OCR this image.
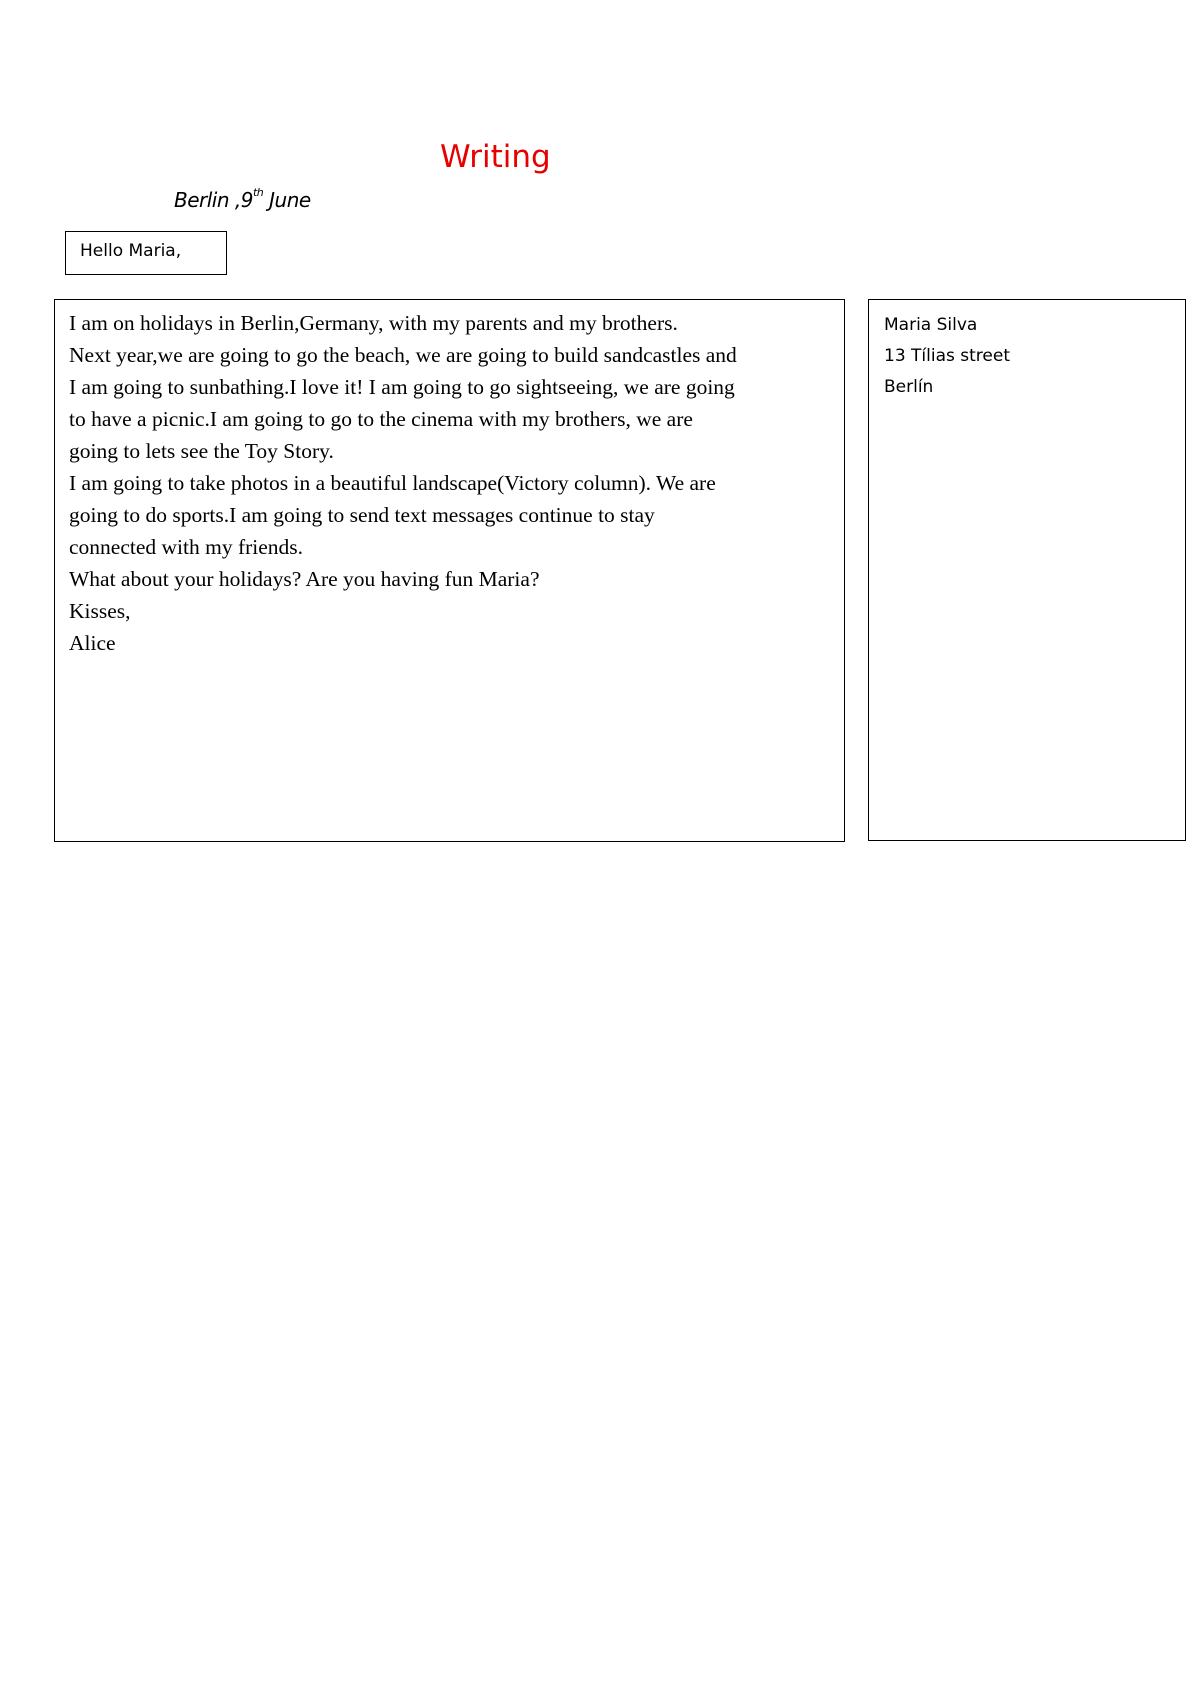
Writing
Berlin ,9th June
Hello Maria,
I am on holidays in Berlin,Germany, with my parents and my brothers.
Next year,we are going to go the beach, we are going to build sandcastles and
I am going to sunbathing.I love it! I am going to go sightseeing, we are going
to have a picnic.I am going to go to the cinema with my brothers, we are
going to lets see the Toy Story.
I am going to take photos in a beautiful landscape(Victory column). We are
going to do sports.I am going to send text messages continue to stay
connected with my friends.
What about your holidays? Are you having fun Maria?
Kisses,
Alice
Maria Silva
13 Tílias street
Berlín
